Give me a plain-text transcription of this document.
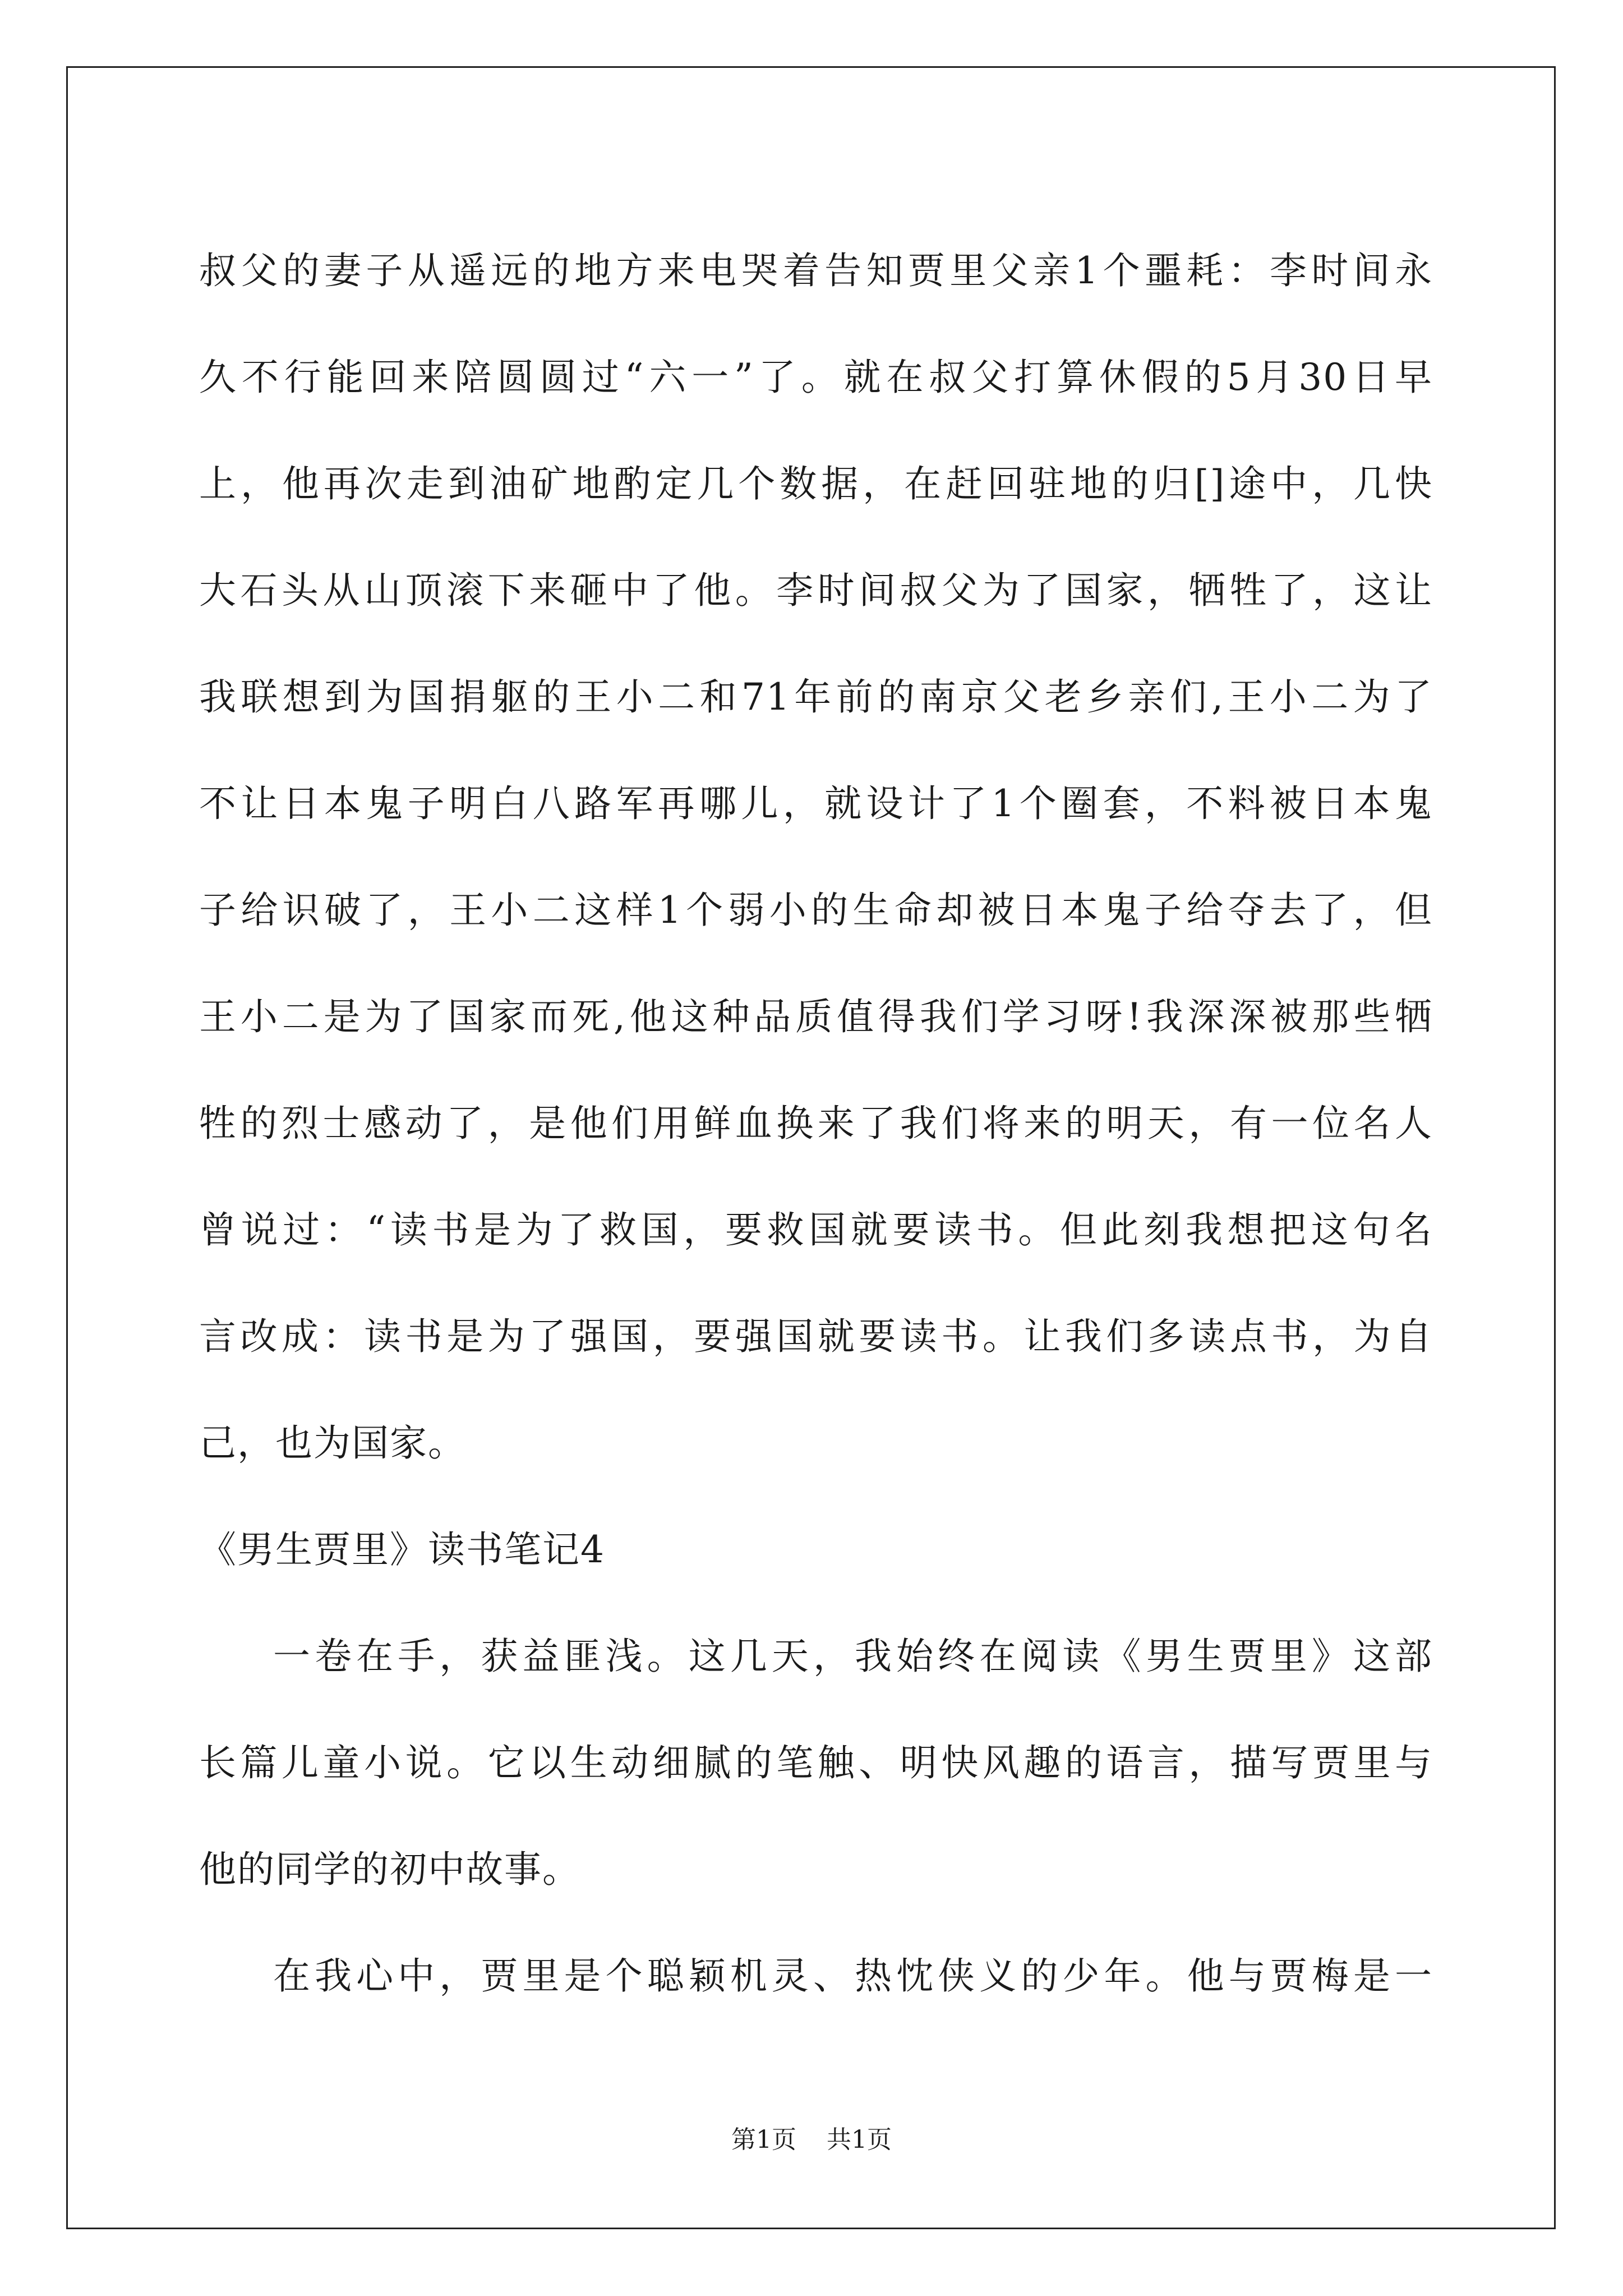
叔父的妻子从遥远的地方来电哭着告知贾里父亲1个噩耗：李时间永
久不行能回来陪圆圆过“六一”了。就在叔父打算休假的5月30日早
上，他再次走到油矿地酌定几个数据，在赶回驻地的归[]途中，几快
大石头从山顶滚下来砸中了他。李时间叔父为了国家，牺牲了，这让
我联想到为国捐躯的王小二和71年前的南京父老乡亲们,王小二为了
不让日本鬼子明白八路军再哪儿，就设计了1个圈套，不料被日本鬼
子给识破了，王小二这样1个弱小的生命却被日本鬼子给夺去了，但
王小二是为了国家而死,他这种品质值得我们学习呀!我深深被那些牺
牲的烈士感动了，是他们用鲜血换来了我们将来的明天，有一位名人
曾说过：“读书是为了救国，要救国就要读书。但此刻我想把这句名
言改成：读书是为了强国，要强国就要读书。让我们多读点书，为自
己，也为国家。
《男生贾里》读书笔记4
一卷在手，获益匪浅。这几天，我始终在阅读《男生贾里》这部
长篇儿童小说。它以生动细腻的笔触、明快风趣的语言，描写贾里与
他的同学的初中故事。
在我心中，贾里是个聪颖机灵、热忱侠义的少年。他与贾梅是一
第1页 共1页
